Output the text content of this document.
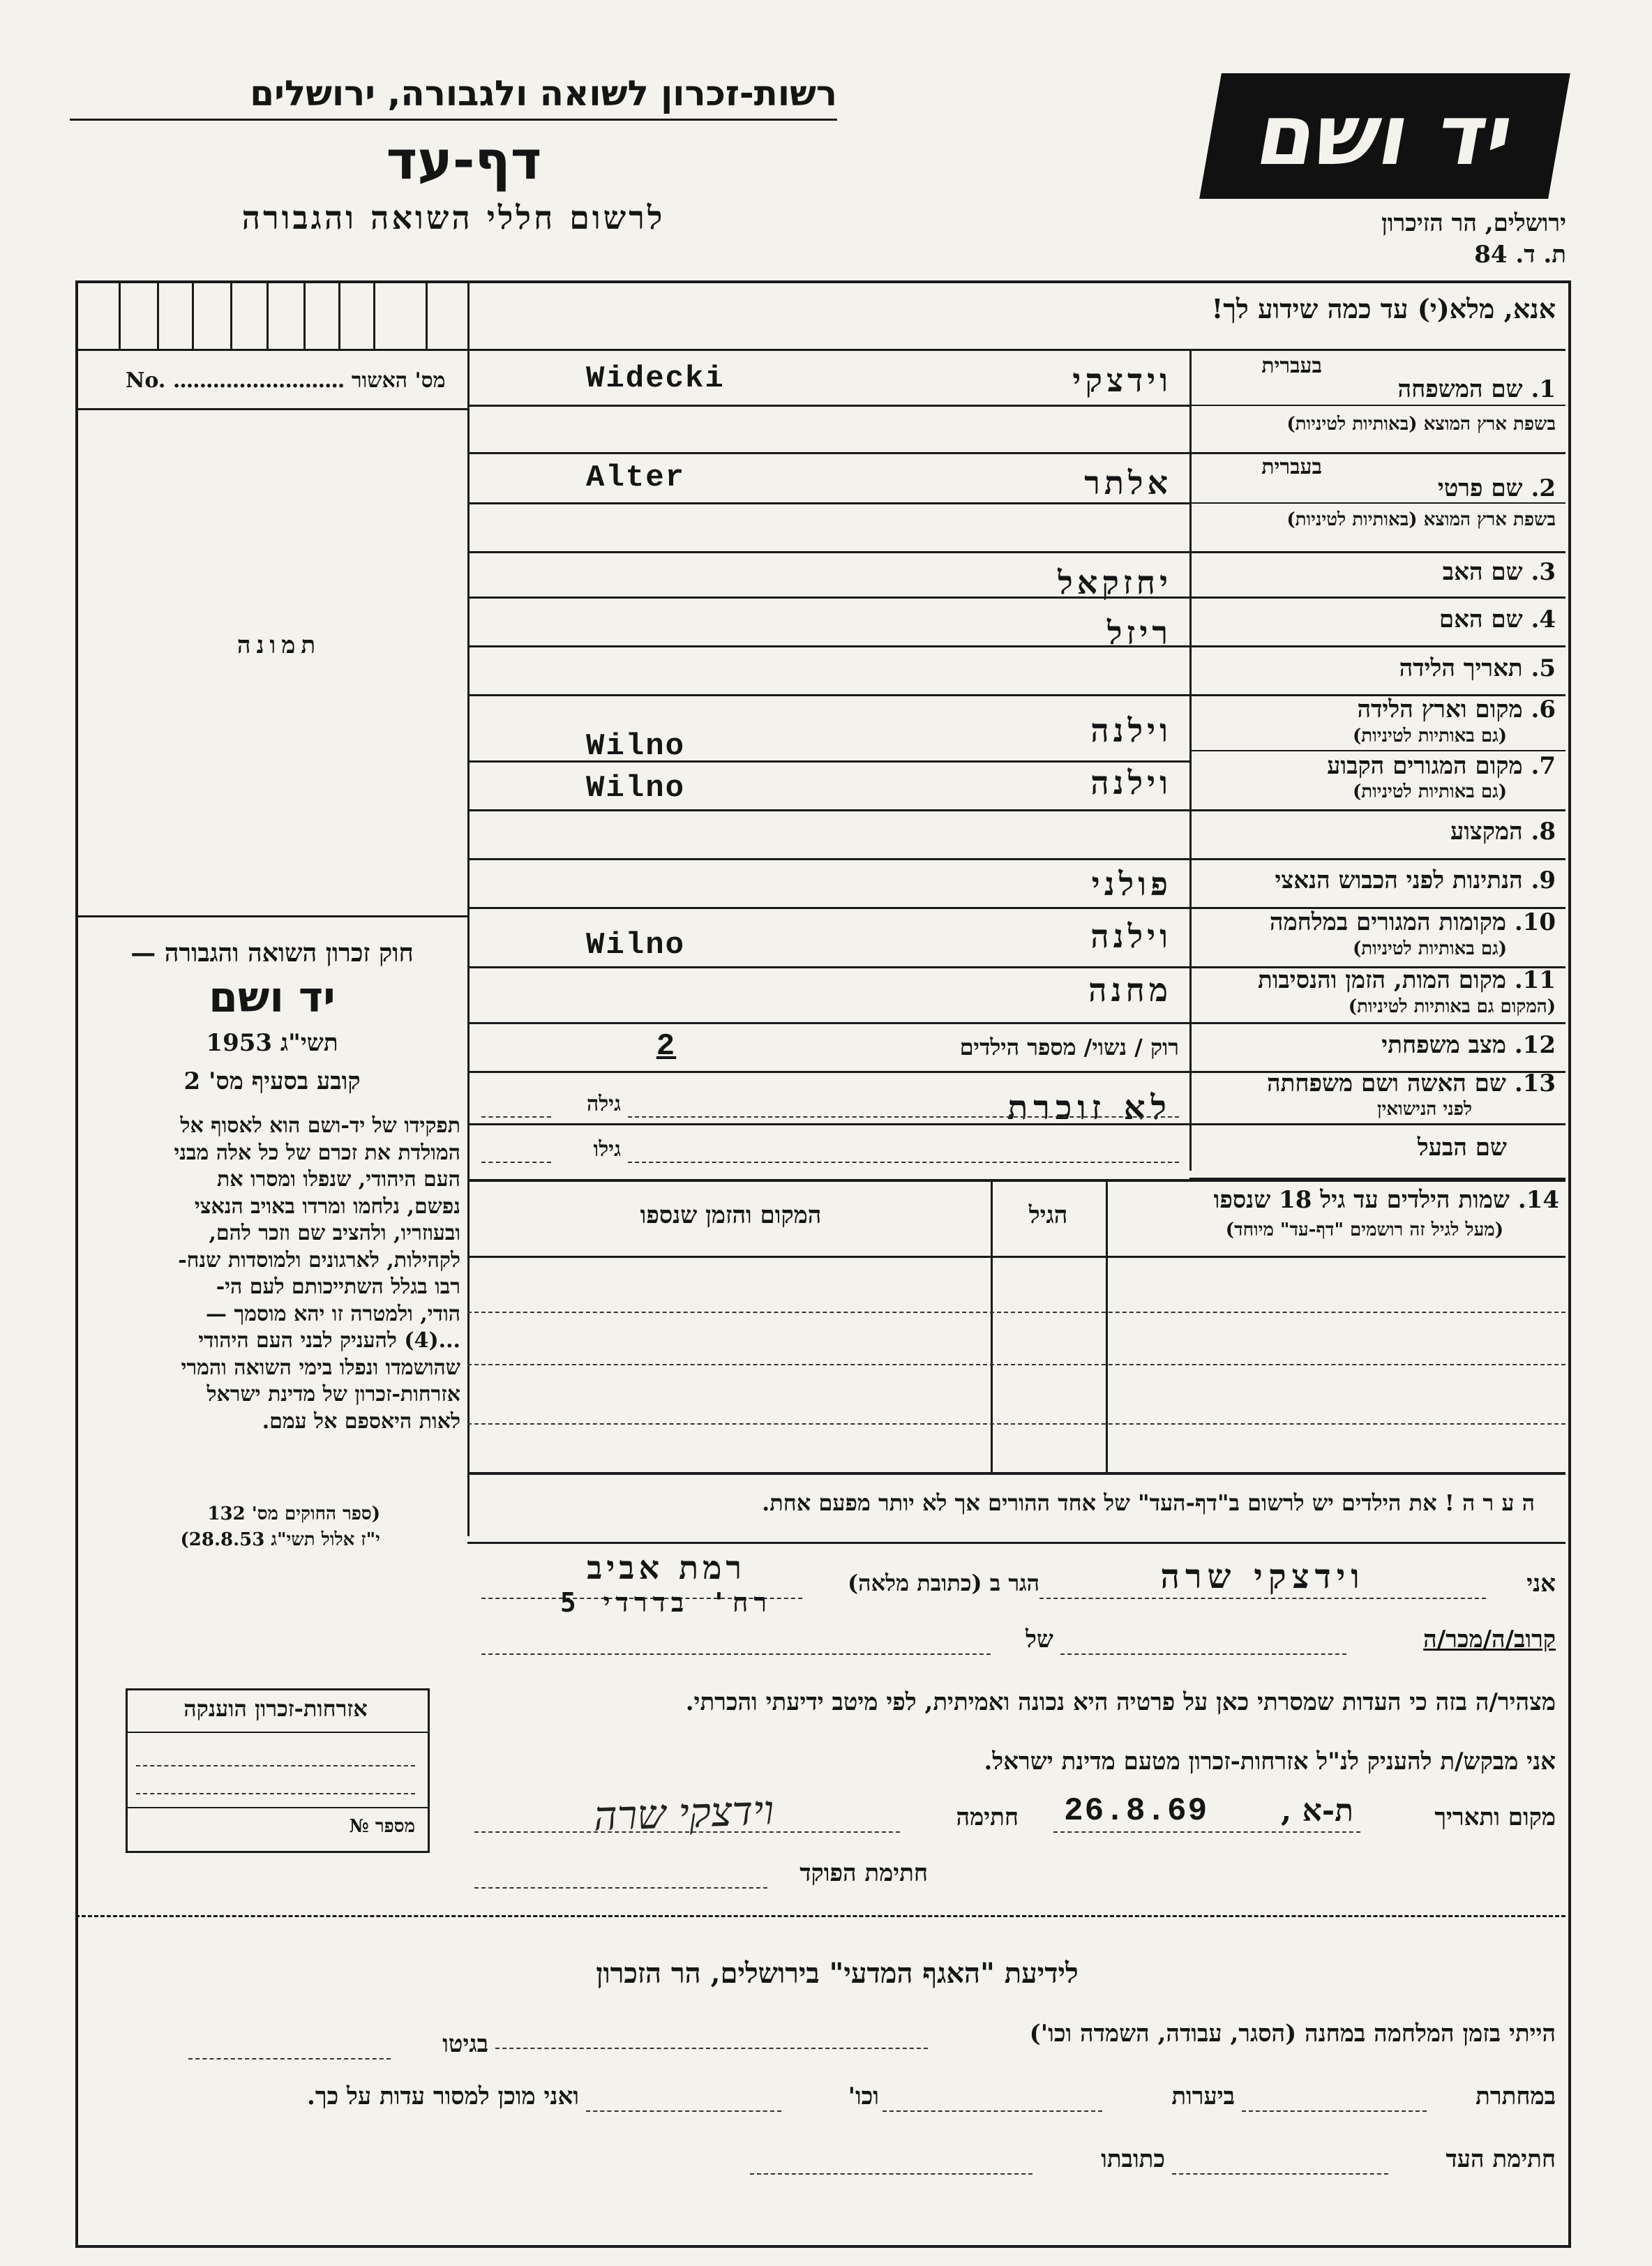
רשות-זכרון לשואה ולגבורה, ירושלים
דף-עד
לרשום חללי השואה והגבורה
יד ושם
ירושלים, הר הזיכרון
ת. ד. 84
אנא, מלא(י) עד כמה שידוע לך!
No. .......................... מס' האשור
תמונה
חוק זכרון השואה והגבורה —
יד ושם
תשי"ג 1953
קובע בסעיף מס' 2
תפקידו של יד-ושם הוא לאסוף אל
המולדת את זכרם של כל אלה מבני
העם היהודי, שנפלו ומסרו את
נפשם, נלחמו ומרדו באויב הנאצי
ובעוזריו, ולהציב שם וזכר להם,
לקהילות, לארגונים ולמוסדות שנח-
רבו בגלל השתייכותם לעם הי-
הודי, ולמטרה זו יהא מוסמך —
...(4) להעניק לבני העם היהודי
שהושמדו ונפלו בימי השואה והמרי
אזרחות-זכרון של מדינת ישראל
לאות היאספם אל עמם.
(ספר החוקים מס' 132
י"ז אלול תשי"ג 28.8.53)
אזרחות-זכרון הוענקה
מספר №
בעברית
1. שם המשפחה
בשפת ארץ המוצא (באותיות לטיניות)
וידצקי
Widecki
בעברית
2. שם פרטי
בשפת ארץ המוצא (באותיות לטיניות)
אלתר
Alter
3. שם האב
יחזקאל
4. שם האם
ריזל
5. תאריך הלידה
6. מקום וארץ הלידה
(גם באותיות לטיניות)
וילנה
Wilno
7. מקום המגורים הקבוע
(גם באותיות לטיניות)
וילנה
Wilno
8. המקצוע
9. הנתינות לפני הכבוש הנאצי
פולני
10. מקומות המגורים במלחמה
(גם באותיות לטיניות)
וילנה
Wilno
11. מקום המות, הזמן והנסיבות
(המקום גם באותיות לטיניות)
מחנה
12. מצב משפחתי
רוק / נשוי/ מספר הילדים
2
13. שם האשה ושם משפחתה
לפני הנישואין
לא זוכרת
גילה
שם הבעל
גילו
14. שמות הילדים עד גיל 18 שנספו
(מעל לגיל זה רושמים "דף-עד" מיוחד)
הגיל
המקום והזמן שנספו
ה ע ר ה ! את הילדים יש לרשום ב"דף-העד" של אחד ההורים אך לא יותר מפעם אחת.
אני
וידצקי שרה
הגר ב (כתובת מלאה)
רמת אביב
רח' בדרדי 5
קרוב/ה/מכר/ה
של
מצהיר/ה בזה כי העדות שמסרתי כאן על פרטיה היא נכונה ואמיתית, לפי מיטב ידיעתי והכרתי.
אני מבקש/ת להעניק לנ"ל אזרחות-זכרון מטעם מדינת ישראל.
מקום ותאריך
ת-א ,
26.8.69
חתימה
וידצקי שרה
חתימת הפוקד
לידיעת "האגף המדעי" בירושלים, הר הזכרון
הייתי בזמן המלחמה במחנה (הסגר, עבודה, השמדה וכו')
בגיטו
במחתרת
ביערות
וכו'
ואני מוכן למסור עדות על כך.
חתימת העד
כתובתו
